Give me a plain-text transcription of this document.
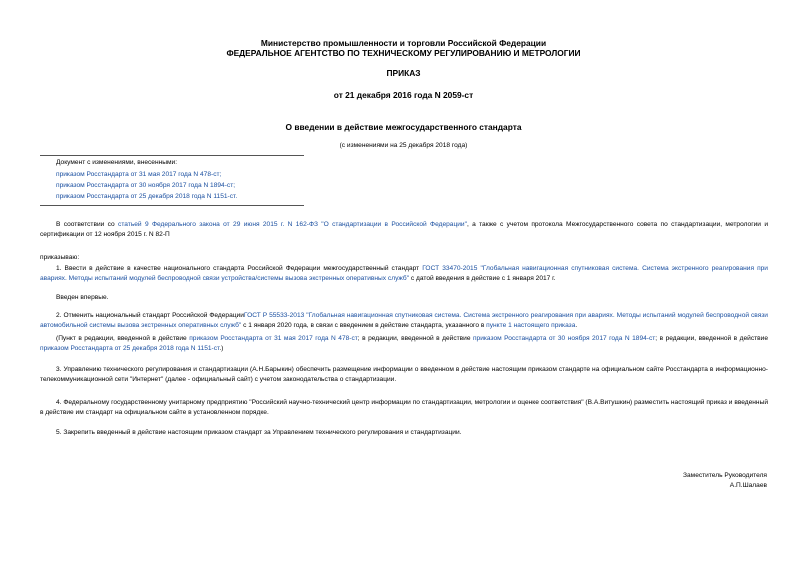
Министерство промышленности и торговли Российской Федерации
ФЕДЕРАЛЬНОЕ АГЕНТСТВО ПО ТЕХНИЧЕСКОМУ РЕГУЛИРОВАНИЮ И МЕТРОЛОГИИ
ПРИКАЗ
от 21 декабря 2016 года N 2059-ст
О введении в действие межгосударственного стандарта
(с изменениями на 25 декабря 2018 года)
Документ с изменениями, внесенными:
приказом Росстандарта от 31 мая 2017 года N 478-ст;
приказом Росстандарта от 30 ноября 2017 года N 1894-ст;
приказом Росстандарта от 25 декабря 2018 года N 1151-ст.
В соответствии со статьей 9 Федерального закона от 29 июня 2015 г. N 162-ФЗ "О стандартизации в Российской Федерации", а также с учетом протокола Межгосударственного совета по стандартизации, метрологии и сертификации от 12 ноября 2015 г. N 82-П
приказываю:
1. Ввести в действие в качестве национального стандарта Российской Федерации межгосударственный стандарт ГОСТ 33470-2015 "Глобальная навигационная спутниковая система. Система экстренного реагирования при авариях. Методы испытаний модулей беспроводной связи устройства/системы вызова экстренных оперативных служб" с датой введения в действие с 1 января 2017 г.
Введен впервые.
2. Отменить национальный стандарт Российской ФедерацииГОСТ Р 55533-2013 "Глобальная навигационная спутниковая система. Система экстренного реагирования при авариях. Методы испытаний модулей беспроводной связи автомобильной системы вызова экстренных оперативных служб" с 1 января 2020 года, в связи с введением в действие стандарта, указанного в пункте 1 настоящего приказа.
(Пункт в редакции, введенной в действие приказом Росстандарта от 31 мая 2017 года N 478-ст; в редакции, введенной в действие приказом Росстандарта от 30 ноября 2017 года N 1894-ст; в редакции, введенной в действие приказом Росстандарта от 25 декабря 2018 года N 1151-ст.)
3. Управлению технического регулирования и стандартизации (А.Н.Барыкин) обеспечить размещение информации о введенном в действие настоящим приказом стандарте на официальном сайте Росстандарта в информационно-телекоммуникационной сети "Интернет" (далее - официальный сайт) с учетом законодательства о стандартизации.
4. Федеральному государственному унитарному предприятию "Российский научно-технический центр информации по стандартизации, метрологии и оценке соответствия" (В.А.Витушкин) разместить настоящий приказ и введенный в действие им стандарт на официальном сайте в установленном порядке.
5. Закрепить введенный в действие настоящим приказом стандарт за Управлением технического регулирования и стандартизации.
Заместитель Руководителя
А.П.Шалаев
